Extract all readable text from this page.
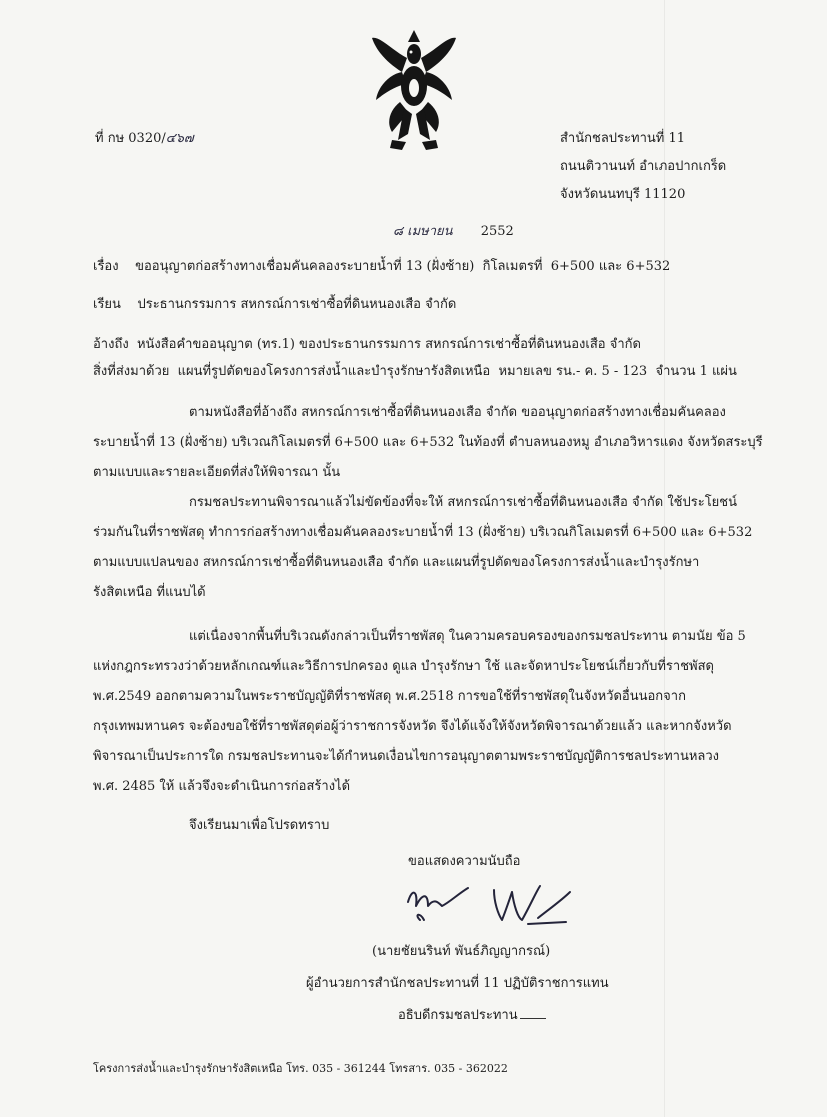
ที่ กษ 0320/๔๖๗	สำนักชลประทานที่ 11
ถนนติวานนท์ อำเภอปากเกร็ด
จังหวัดนนทบุรี 11120
๘ เมษายน 2552
เรื่อง    ขออนุญาตก่อสร้างทางเชื่อมคันคลองระบายน้ำที่ 13 (ฝั่งซ้าย)  กิโลเมตรที่  6+500 และ 6+532
เรียน    ประธานกรรมการ สหกรณ์การเช่าซื้อที่ดินหนองเสือ จำกัด
อ้างถึง  หนังสือคำขออนุญาต (ทร.1) ของประธานกรรมการ สหกรณ์การเช่าซื้อที่ดินหนองเสือ จำกัด
สิ่งที่ส่งมาด้วย  แผนที่รูปตัดของโครงการส่งน้ำและบำรุงรักษารังสิตเหนือ  หมายเลข รน.- ค. 5 - 123  จำนวน 1 แผ่น
ตามหนังสือที่อ้างถึง สหกรณ์การเช่าซื้อที่ดินหนองเสือ จำกัด ขออนุญาตก่อสร้างทางเชื่อมคันคลอง
ระบายน้ำที่ 13 (ฝั่งซ้าย) บริเวณกิโลเมตรที่ 6+500 และ 6+532 ในท้องที่ ตำบลหนองหมู อำเภอวิหารแดง จังหวัดสระบุรี
ตามแบบและรายละเอียดที่ส่งให้พิจารณา นั้น
กรมชลประทานพิจารณาแล้วไม่ขัดข้องที่จะให้ สหกรณ์การเช่าซื้อที่ดินหนองเสือ จำกัด ใช้ประโยชน์
ร่วมกันในที่ราชพัสดุ ทำการก่อสร้างทางเชื่อมคันคลองระบายน้ำที่ 13 (ฝั่งซ้าย) บริเวณกิโลเมตรที่ 6+500 และ 6+532
ตามแบบแปลนของ สหกรณ์การเช่าซื้อที่ดินหนองเสือ จำกัด และแผนที่รูปตัดของโครงการส่งน้ำและบำรุงรักษา
รังสิตเหนือ ที่แนบได้
แต่เนื่องจากพื้นที่บริเวณดังกล่าวเป็นที่ราชพัสดุ ในความครอบครองของกรมชลประทาน ตามนัย ข้อ 5
แห่งกฎกระทรวงว่าด้วยหลักเกณฑ์และวิธีการปกครอง ดูแล บำรุงรักษา ใช้ และจัดหาประโยชน์เกี่ยวกับที่ราชพัสดุ
พ.ศ.2549 ออกตามความในพระราชบัญญัติที่ราชพัสดุ พ.ศ.2518 การขอใช้ที่ราชพัสดุในจังหวัดอื่นนอกจาก
กรุงเทพมหานคร จะต้องขอใช้ที่ราชพัสดุต่อผู้ว่าราชการจังหวัด จึงได้แจ้งให้จังหวัดพิจารณาด้วยแล้ว และหากจังหวัด
พิจารณาเป็นประการใด กรมชลประทานจะได้กำหนดเงื่อนไขการอนุญาตตามพระราชบัญญัติการชลประทานหลวง
พ.ศ. 2485 ให้ แล้วจึงจะดำเนินการก่อสร้างได้
จึงเรียนมาเพื่อโปรดทราบ
ขอแสดงความนับถือ
(นายชัยนรินท์ พันธ์ภิญญากรณ์)
ผู้อำนวยการสำนักชลประทานที่ 11 ปฏิบัติราชการแทน
อธิบดีกรมชลประทาน
โครงการส่งน้ำและบำรุงรักษารังสิตเหนือ โทร. 035 - 361244 โทรสาร. 035 - 362022
